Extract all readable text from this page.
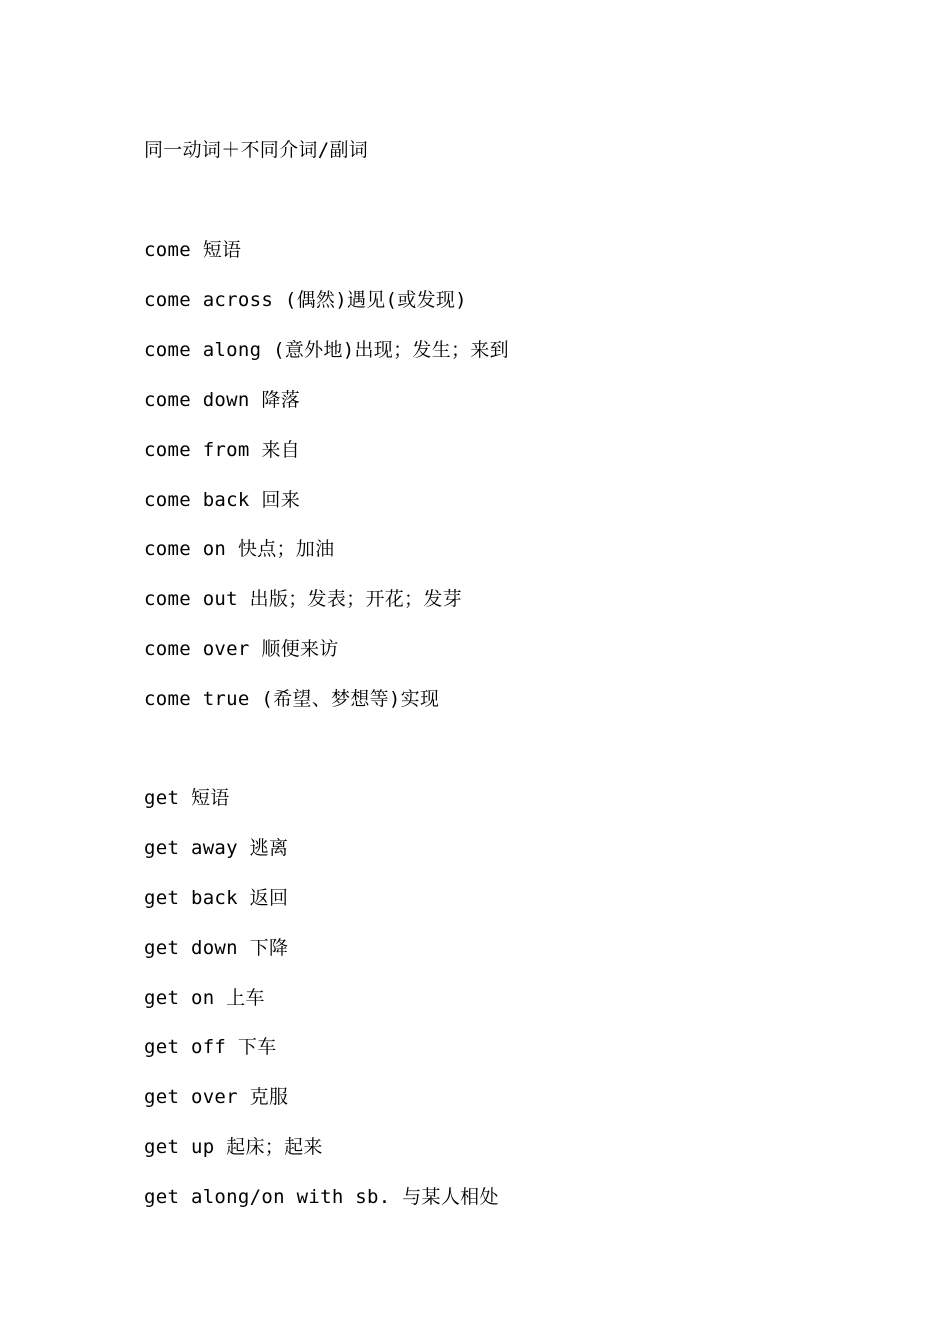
同一动词＋不同介词/副词
come 短语
come across (偶然)遇见(或发现)
come along (意外地)出现；发生；来到
come down 降落
come from 来自
come back 回来
come on 快点；加油
come out 出版；发表；开花；发芽
come over 顺便来访
come true (希望、梦想等)实现
get 短语
get away 逃离
get back 返回
get down 下降
get on 上车
get off 下车
get over 克服
get up 起床；起来
get along/on with sb. 与某人相处
